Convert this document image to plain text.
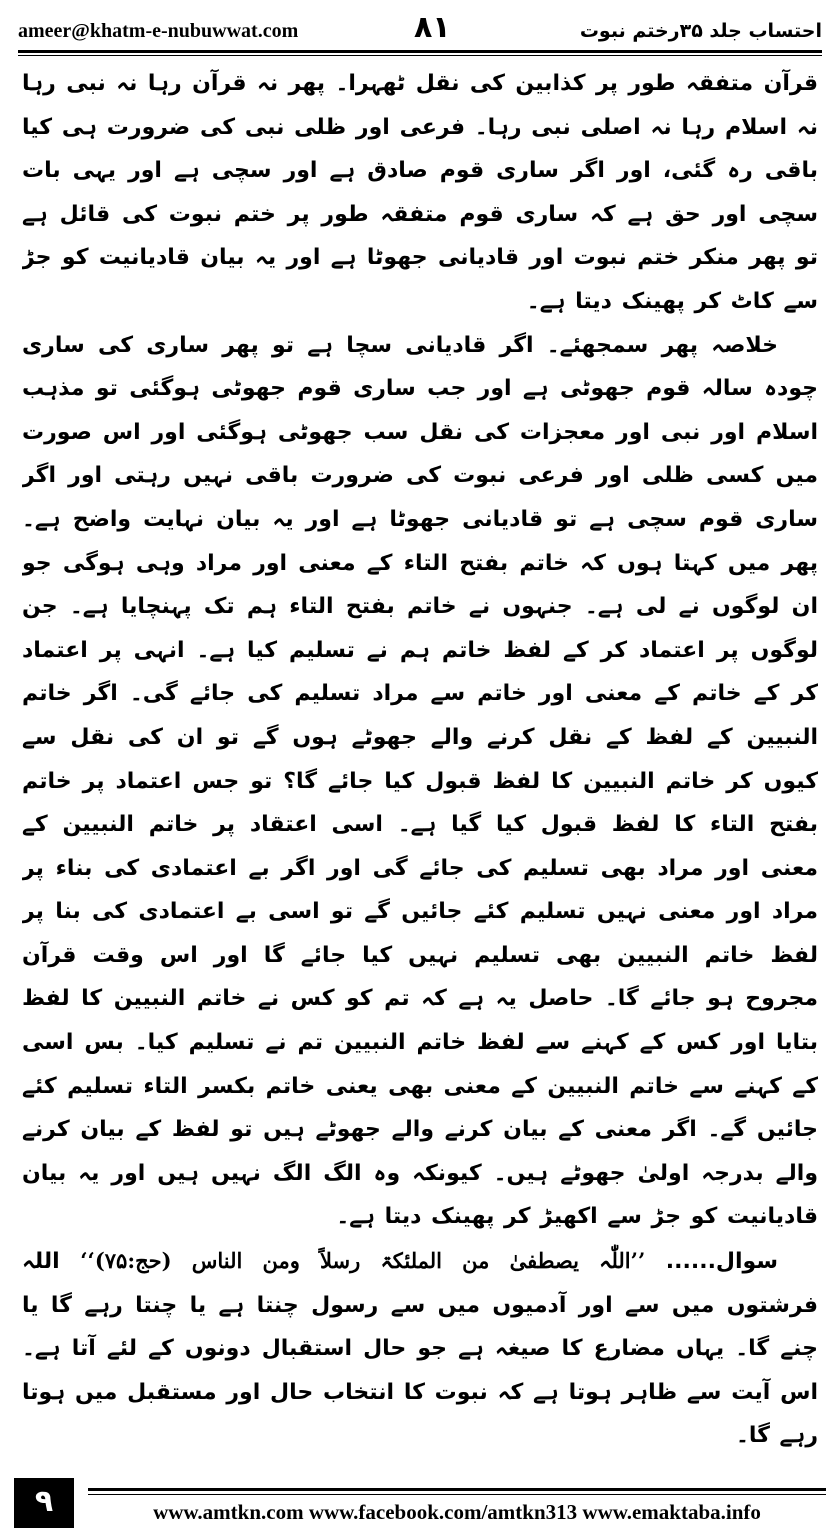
ameer@khatm-e-nubuwwat.com	۸۱	احتساب جلد ۳۵رختم نبوت

قرآن متفقہ طور پر کذابین کی نقل ٹھہرا۔ پھر نہ قرآن رہا نہ نبی رہا نہ اسلام رہا نہ اصلی نبی رہا۔ فرعی اور ظلی نبی کی ضرورت ہی کیا باقی رہ گئی، اور اگر ساری قوم صادق ہے اور سچی ہے اور یہی بات سچی اور حق ہے کہ ساری قوم متفقہ طور پر ختم نبوت کی قائل ہے تو پھر منکر ختم نبوت اور قادیانی جھوٹا ہے اور یہ بیان قادیانیت کو جڑ سے کاٹ کر پھینک دیتا ہے۔

خلاصہ پھر سمجھئے۔ اگر قادیانی سچا ہے تو پھر ساری کی ساری چودہ سالہ قوم جھوٹی ہے اور جب ساری قوم جھوٹی ہوگئی تو مذہب اسلام اور نبی اور معجزات کی نقل سب جھوٹی ہوگئی اور اس صورت میں کسی ظلی اور فرعی نبوت کی ضرورت باقی نہیں رہتی اور اگر ساری قوم سچی ہے تو قادیانی جھوٹا ہے اور یہ بیان نہایت واضح ہے۔ پھر میں کہتا ہوں کہ خاتم بفتح التاء کے معنی اور مراد وہی ہوگی جو ان لوگوں نے لی ہے۔ جنہوں نے خاتم بفتح التاء ہم تک پہنچایا ہے۔ جن لوگوں پر اعتماد کر کے لفظ خاتم ہم نے تسلیم کیا ہے۔ انہی پر اعتماد کر کے خاتم کے معنی اور خاتم سے مراد تسلیم کی جائے گی۔ اگر خاتم النبیین کے لفظ کے نقل کرنے والے جھوٹے ہوں گے تو ان کی نقل سے کیوں کر خاتم النبیین کا لفظ قبول کیا جائے گا؟ تو جس اعتماد پر خاتم بفتح التاء کا لفظ قبول کیا گیا ہے۔ اسی اعتقاد پر خاتم النبیین کے معنی اور مراد بھی تسلیم کی جائے گی اور اگر بے اعتمادی کی بناء پر مراد اور معنی نہیں تسلیم کئے جائیں گے تو اسی بے اعتمادی کی بنا پر لفظ خاتم النبیین بھی تسلیم نہیں کیا جائے گا اور اس وقت قرآن مجروح ہو جائے گا۔ حاصل یہ ہے کہ تم کو کس نے خاتم النبیین کا لفظ بتایا اور کس کے کہنے سے لفظ خاتم النبیین تم نے تسلیم کیا۔ بس اسی کے کہنے سے خاتم النبیین کے معنی بھی یعنی خاتم بکسر التاء تسلیم کئے جائیں گے۔ اگر معنی کے بیان کرنے والے جھوٹے ہیں تو لفظ کے بیان کرنے والے بدرجہ اولیٰ جھوٹے ہیں۔ کیونکہ وہ الگ الگ نہیں ہیں اور یہ بیان قادیانیت کو جڑ سے اکھیڑ کر پھینک دیتا ہے۔

سوال...... ’’اللّٰہ یصطفیٰ من الملئکۃ رسلاً ومن الناس (حج:۷۵)‘‘ اللہ فرشتوں میں سے اور آدمیوں میں سے رسول چنتا ہے یا چنتا رہے گا یا چنے گا۔ یہاں مضارع کا صیغہ ہے جو حال استقبال دونوں کے لئے آتا ہے۔ اس آیت سے ظاہر ہوتا ہے کہ نبوت کا انتخاب حال اور مستقبل میں ہوتا رہے گا۔

۹	www.amtkn.com www.facebook.com/amtkn313 www.emaktaba.info
